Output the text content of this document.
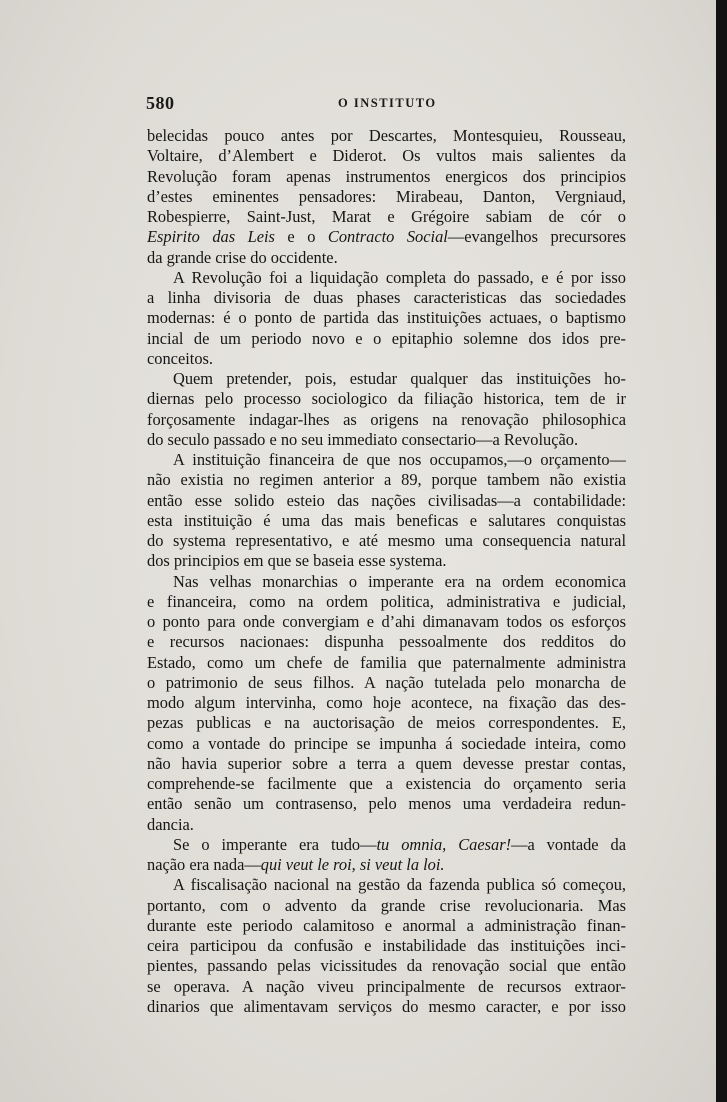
580	O INSTITUTO
belecidas pouco antes por Descartes, Montesquieu, Rousseau,
Voltaire, d’Alembert e Diderot. Os vultos mais salientes da
Revolução foram apenas instrumentos energicos dos principios
d’estes eminentes pensadores: Mirabeau, Danton, Vergniaud,
Robespierre, Saint-Just, Marat e Grégoire sabiam de cór o
Espirito das Leis e o Contracto Social—evangelhos precursores
da grande crise do occidente.
A Revolução foi a liquidação completa do passado, e é por isso
a linha divisoria de duas phases caracteristicas das sociedades
modernas: é o ponto de partida das instituições actuaes, o baptismo
incial de um periodo novo e o epitaphio solemne dos idos pre-
conceitos.
Quem pretender, pois, estudar qualquer das instituições ho-
diernas pelo processo sociologico da filiação historica, tem de ir
forçosamente indagar-lhes as origens na renovação philosophica
do seculo passado e no seu immediato consectario—a Revolução.
A instituição financeira de que nos occupamos,—o orçamento—
não existia no regimen anterior a 89, porque tambem não existia
então esse solido esteio das nações civilisadas—a contabilidade:
esta instituição é uma das mais beneficas e salutares conquistas
do systema representativo, e até mesmo uma consequencia natural
dos principios em que se baseia esse systema.
Nas velhas monarchias o imperante era na ordem economica
e financeira, como na ordem politica, administrativa e judicial,
o ponto para onde convergiam e d’ahi dimanavam todos os esforços
e recursos nacionaes: dispunha pessoalmente dos redditos do
Estado, como um chefe de familia que paternalmente administra
o patrimonio de seus filhos. A nação tutelada pelo monarcha de
modo algum intervinha, como hoje acontece, na fixação das des-
pezas publicas e na auctorisação de meios correspondentes. E,
como a vontade do principe se impunha á sociedade inteira, como
não havia superior sobre a terra a quem devesse prestar contas,
comprehende-se facilmente que a existencia do orçamento seria
então senão um contrasenso, pelo menos uma verdadeira redun-
dancia.
Se o imperante era tudo—tu omnia, Caesar!—a vontade da
nação era nada—qui veut le roi, si veut la loi.
A fiscalisação nacional na gestão da fazenda publica só começou,
portanto, com o advento da grande crise revolucionaria. Mas
durante este periodo calamitoso e anormal a administração finan-
ceira participou da confusão e instabilidade das instituições inci-
pientes, passando pelas vicissitudes da renovação social que então
se operava. A nação viveu principalmente de recursos extraor-
dinarios que alimentavam serviços do mesmo caracter, e por isso
